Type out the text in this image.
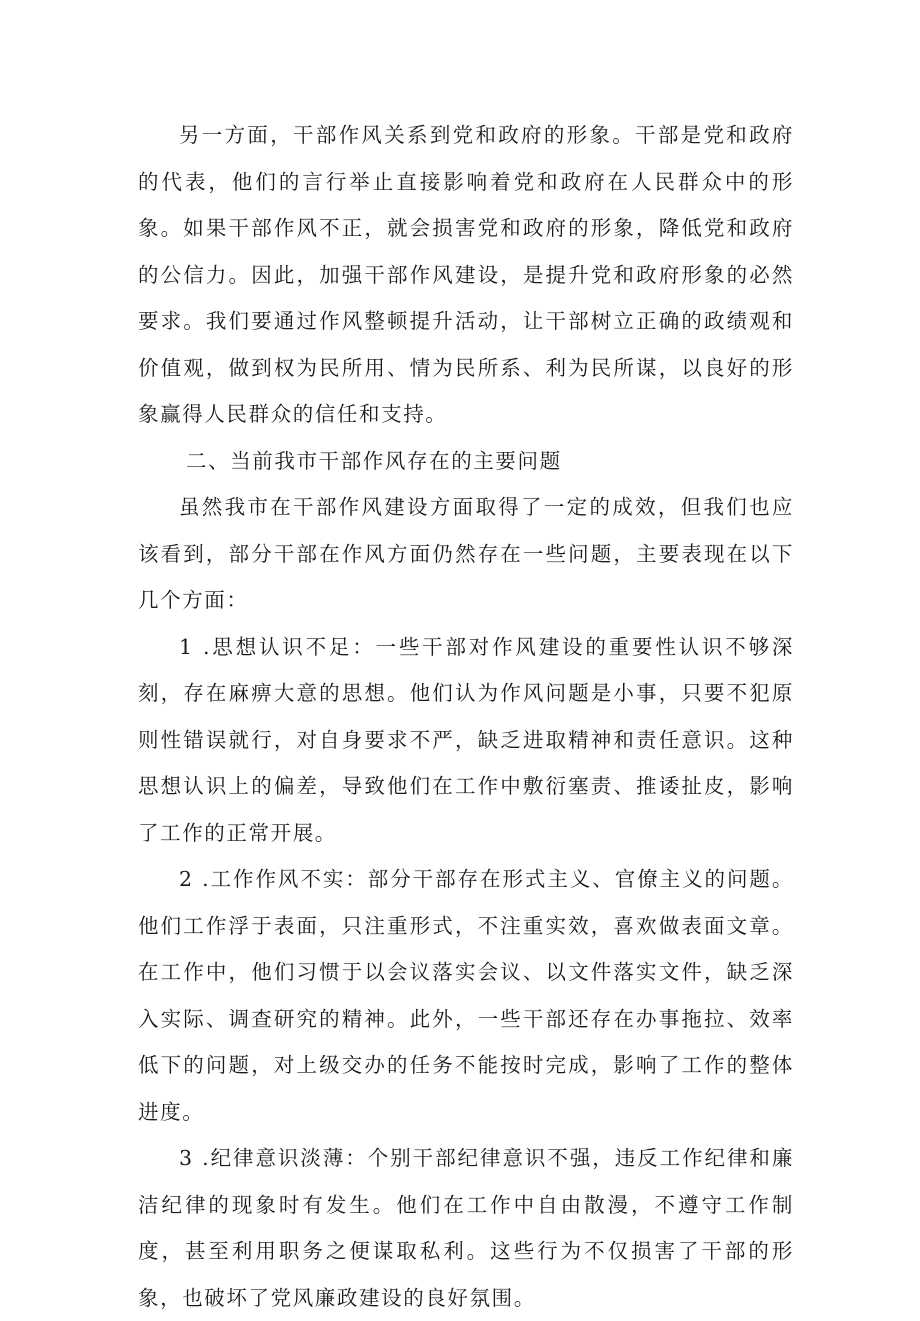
另一方面，干部作风关系到党和政府的形象。干部是党和政府的代表，他们的言行举止直接影响着党和政府在人民群众中的形象。如果干部作风不正，就会损害党和政府的形象，降低党和政府的公信力。因此，加强干部作风建设，是提升党和政府形象的必然要求。我们要通过作风整顿提升活动，让干部树立正确的政绩观和价值观，做到权为民所用、情为民所系、利为民所谋，以良好的形象赢得人民群众的信任和支持。

二、当前我市干部作风存在的主要问题

虽然我市在干部作风建设方面取得了一定的成效，但我们也应该看到，部分干部在作风方面仍然存在一些问题，主要表现在以下几个方面：

1 .思想认识不足：一些干部对作风建设的重要性认识不够深刻，存在麻痹大意的思想。他们认为作风问题是小事，只要不犯原则性错误就行，对自身要求不严，缺乏进取精神和责任意识。这种思想认识上的偏差，导致他们在工作中敷衍塞责、推诿扯皮，影响了工作的正常开展。

2 .工作作风不实：部分干部存在形式主义、官僚主义的问题。他们工作浮于表面，只注重形式，不注重实效，喜欢做表面文章。在工作中，他们习惯于以会议落实会议、以文件落实文件，缺乏深入实际、调查研究的精神。此外，一些干部还存在办事拖拉、效率低下的问题，对上级交办的任务不能按时完成，影响了工作的整体进度。

3 .纪律意识淡薄：个别干部纪律意识不强，违反工作纪律和廉洁纪律的现象时有发生。他们在工作中自由散漫，不遵守工作制度，甚至利用职务之便谋取私利。这些行为不仅损害了干部的形象，也破坏了党风廉政建设的良好氛围。
